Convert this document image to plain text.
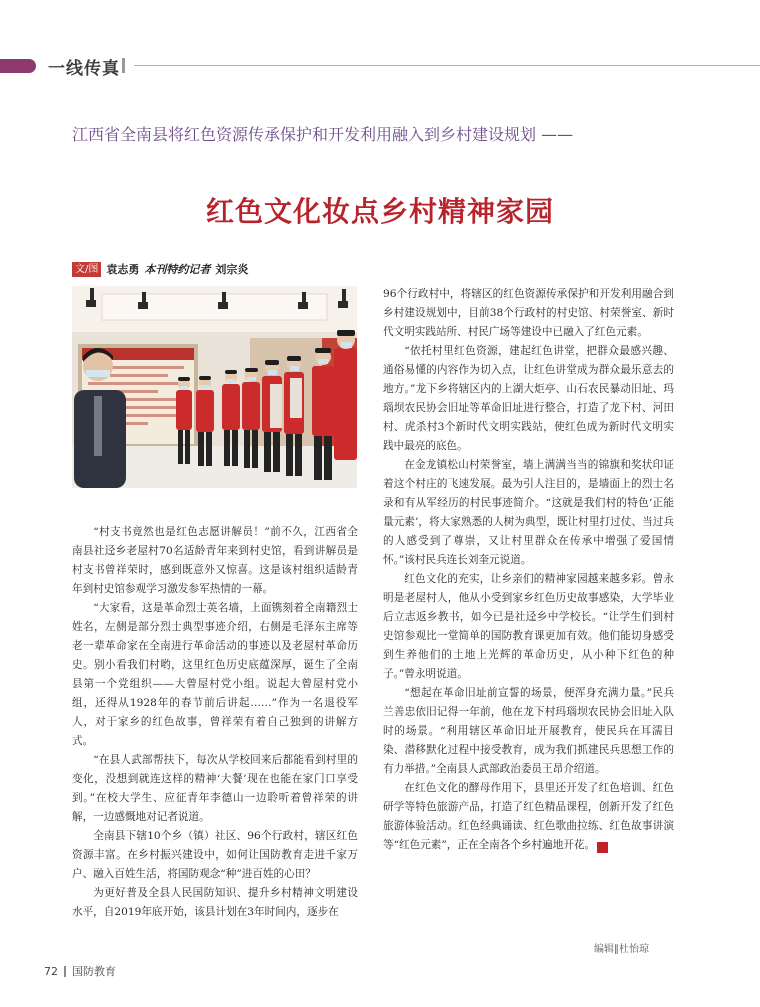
一线传真
江西省全南县将红色资源传承保护和开发利用融入到乡村建设规划 ——
红色文化妆点乡村精神家园
文/图 袁志勇 本刊特约记者 刘宗炎

“村支书竟然也是红色志愿讲解员！”前不久，江西省全南县社迳乡老屋村70名适龄青年来到村史馆，看到讲解员是村支书曾祥荣时，感到既意外又惊喜。这是该村组织适龄青年到村史馆参观学习激发参军热情的一幕。

“大家看，这是革命烈士英名墙，上面镌刻着全南籍烈士姓名，左侧是部分烈士典型事迹介绍，右侧是毛泽东主席等老一辈革命家在全南进行革命活动的事迹以及老屋村革命历史。别小看我们村哟，这里红色历史底蕴深厚，诞生了全南县第一个党组织——大曾屋村党小组。说起大曾屋村党小组，还得从1928年的春节前后讲起……”作为一名退役军人，对于家乡的红色故事，曾祥荣有着自己独到的讲解方式。

“在县人武部帮扶下，每次从学校回来后都能看到村里的变化，没想到就连这样的精神‘大餐’现在也能在家门口享受到。”在校大学生、应征青年李德山一边聆听着曾祥荣的讲解，一边感慨地对记者说道。

全南县下辖10个乡（镇）社区、96个行政村，辖区红色资源丰富。在乡村振兴建设中，如何让国防教育走进千家万户、融入百姓生活，将国防观念“种”进百姓的心田？

为更好普及全县人民国防知识、提升乡村精神文明建设水平，自2019年底开始，该县计划在3年时间内，逐步在

96个行政村中，将辖区的红色资源传承保护和开发利用融合到乡村建设规划中，目前38个行政村的村史馆、村荣誉室、新时代文明实践站所、村民广场等建设中已融入了红色元素。

“依托村里红色资源，建起红色讲堂，把群众最感兴趣、通俗易懂的内容作为切入点，让红色讲堂成为群众最乐意去的地方。”龙下乡将辖区内的上湖大炬亭、山石农民暴动旧址、玛瑙坝农民协会旧址等革命旧址进行整合，打造了龙下村、河田村、虎杀村3个新时代文明实践站，使红色成为新时代文明实践中最亮的底色。

在金龙镇松山村荣誉室，墙上满满当当的锦旗和奖状印证着这个村庄的飞速发展。最为引人注目的，是墙面上的烈士名录和有从军经历的村民事迹简介。“这就是我们村的特色‘正能量元素’，将大家熟悉的人树为典型，既让村里打过仗、当过兵的人感受到了尊崇，又让村里群众在传承中增强了爱国情怀。”该村民兵连长刘奎元说道。

红色文化的充实，让乡亲们的精神家园越来越多彩。曾永明是老屋村人，他从小受到家乡红色历史故事感染，大学毕业后立志返乡教书，如今已是社迳乡中学校长。“让学生们到村史馆参观比一堂简单的国防教育课更加有效。他们能切身感受到生养他们的土地上光辉的革命历史，从小种下红色的种子。”曾永明说道。

“想起在革命旧址前宣誓的场景，便浑身充满力量。”民兵兰善忠依旧记得一年前，他在龙下村玛瑙坝农民协会旧址入队时的场景。“利用辖区革命旧址开展教育，使民兵在耳濡目染、潜移默化过程中接受教育，成为我们抓建民兵思想工作的有力举措。”全南县人武部政治委员王昂介绍道。

在红色文化的酵母作用下，县里还开发了红色培训、红色研学等特色旅游产品，打造了红色精品课程，创新开发了红色旅游体验活动。红色经典诵读、红色歌曲拉练、红色故事讲演等“红色元素”，正在全南各个乡村遍地开花。	G

编辑∥杜怡琼
72 国防教育
